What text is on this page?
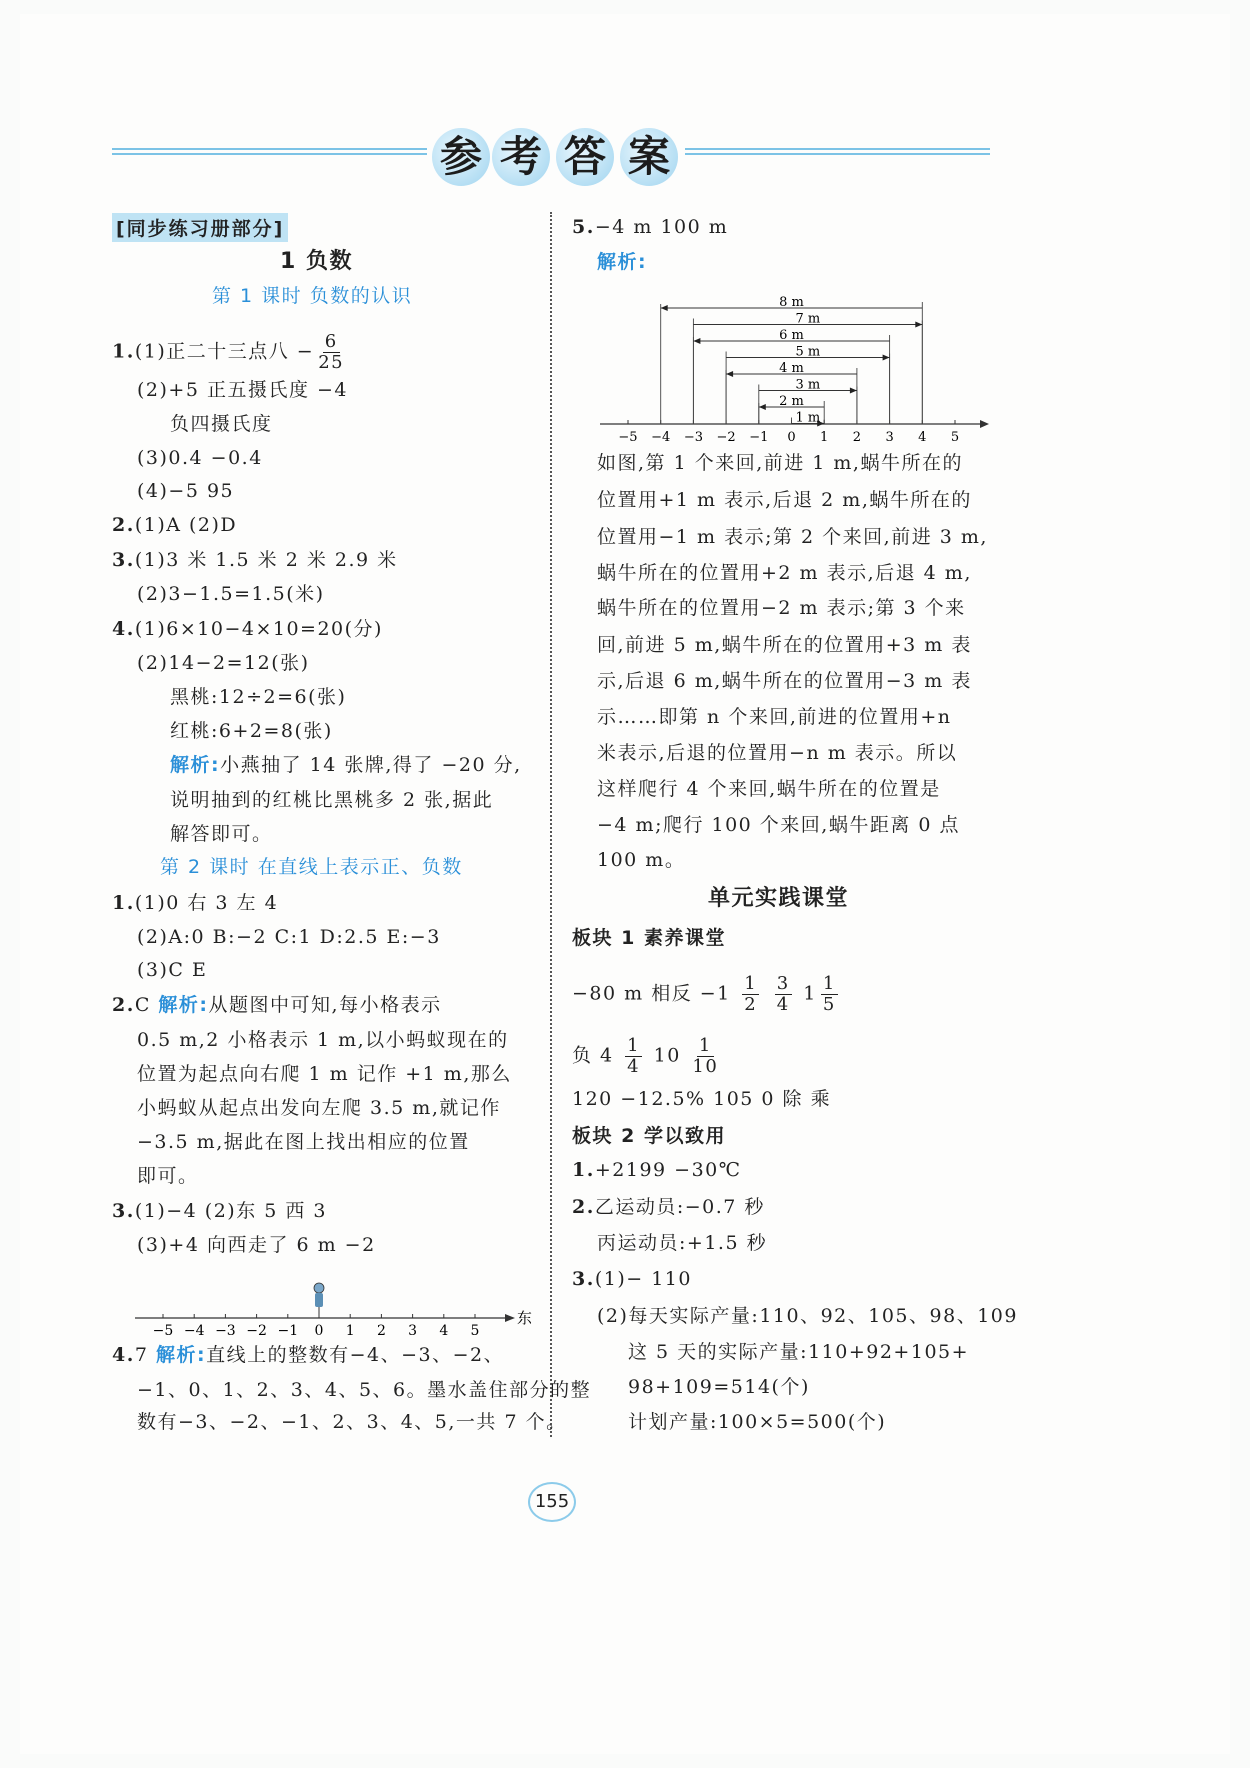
参 考 答 案
[同步练习册部分]
1 负数
第 1 课时 负数的认识
1.(1)正二十三点八 − $\frac{6}{25}$
(2)+5 正五摄氏度 −4
负四摄氏度
(3)0.4 −0.4
(4)−5 95
2.(1)A (2)D
3.(1)3 米 1.5 米 2 米 2.9 米
(2)3−1.5=1.5(米)
4.(1)6×10−4×10=20(分)
(2)14−2=12(张)
黑桃:12÷2=6(张)
红桃:6+2=8(张)
解析:小燕抽了 14 张牌,得了 −20 分,
说明抽到的红桃比黑桃多 2 张,据此
解答即可。
第 2 课时 在直线上表示正、负数
1.(1)0 右 3 左 4
(2)A:0 B:−2 C:1 D:2.5 E:−3
(3)C E
2.C 解析:从题图中可知,每小格表示
0.5 m,2 小格表示 1 m,以小蚂蚁现在的
位置为起点向右爬 1 m 记作 +1 m,那么
小蚂蚁从起点出发向左爬 3.5 m,就记作
−3.5 m,据此在图上找出相应的位置
即可。
3.(1)−4 (2)东 5 西 3
(3)+4 向西走了 6 m −2
4.7 解析:直线上的整数有−4、−3、−2、
−1、0、1、2、3、4、5、6。墨水盖住部分的整
数有−3、−2、−1、2、3、4、5,一共 7 个。
5.−4 m 100 m
解析:
如图,第 1 个来回,前进 1 m,蜗牛所在的
位置用+1 m 表示,后退 2 m,蜗牛所在的
位置用−1 m 表示;第 2 个来回,前进 3 m,
蜗牛所在的位置用+2 m 表示,后退 4 m,
蜗牛所在的位置用−2 m 表示;第 3 个来
回,前进 5 m,蜗牛所在的位置用+3 m 表
示,后退 6 m,蜗牛所在的位置用−3 m 表
示……即第 n 个来回,前进的位置用+n
米表示,后退的位置用−n m 表示。所以
这样爬行 4 个来回,蜗牛所在的位置是
−4 m;爬行 100 个来回,蜗牛距离 0 点
100 m。
单元实践课堂
板块 1 素养课堂
−80 m 相反 $-1 \frac{1}{2}$
$\frac{3}{4} 1 \frac{1}{5}$
负 $4 \frac{1}{4} 10 \frac{1}{10}$
120 −12.5% 105 0 除 乘
板块 2 学以致用
1.+2199 −30℃
2.乙运动员:−0.7 秒
丙运动员:+1.5 秒
3.(1)− 110
(2)每天实际产量:110、92、105、98、109
这 5 天的实际产量:110+92+105+
98+109=514(个)
计划产量:100×5=500(个)
−5 −4 −3 −2 −1 0 1 2 3 4 5
东
−5 −4 −3 −2 −1 0 1 2 3 4 5
8 m
7 m
6 m
5 m
4 m
3 m
2 m
1 m
155
